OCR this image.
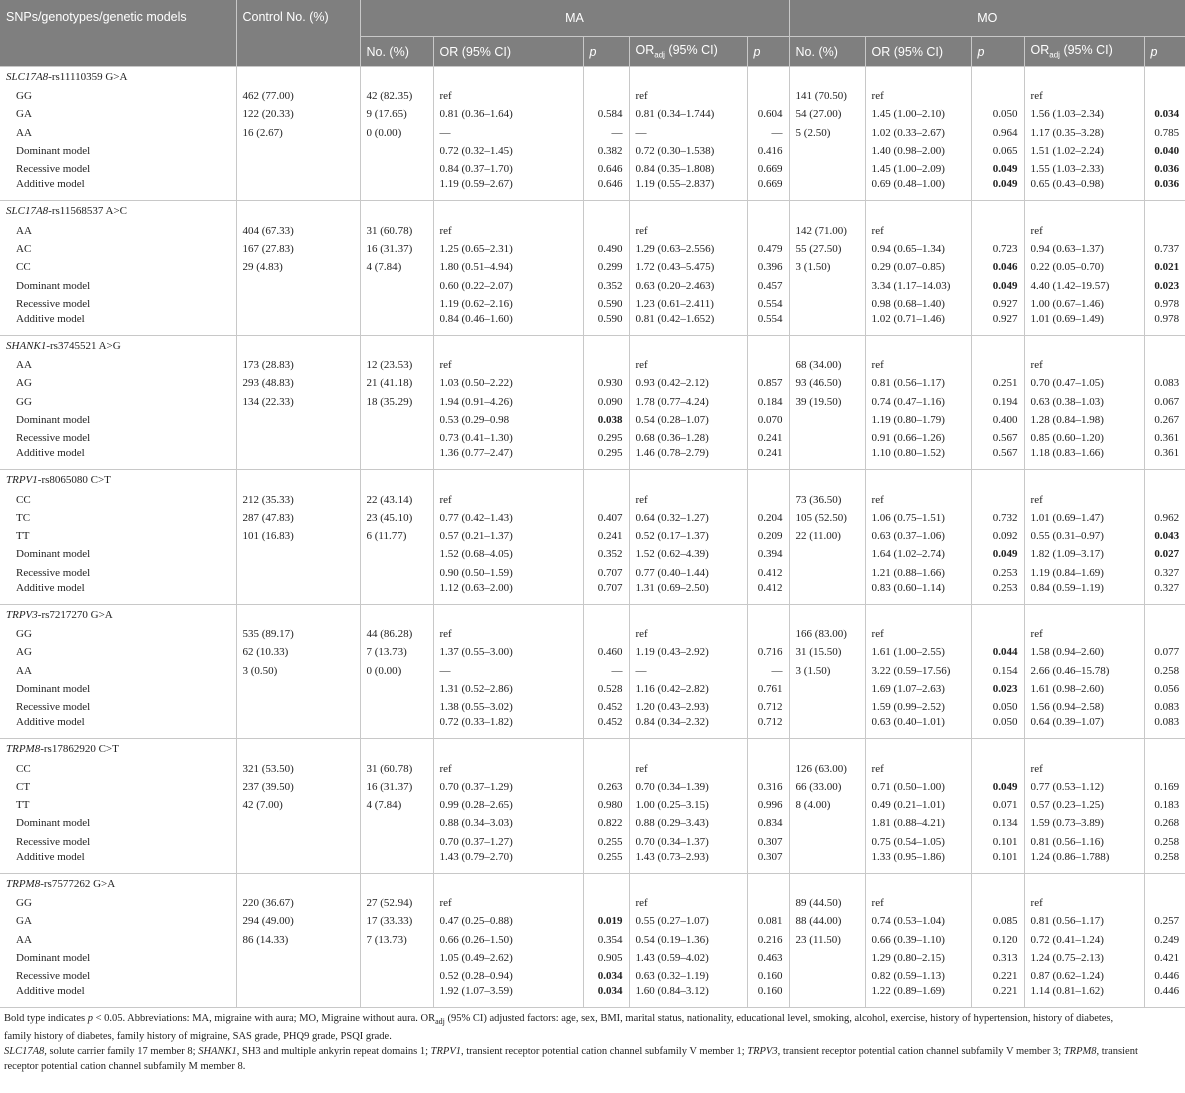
SNPs/genotypes/genetic models	Control No. (%)	MA					MO				
		No. (%)	OR (95% CI)	p	$OR_{adj}$ (95% CI)	p	No. (%)	OR (95% CI)	p	$OR_{adj}$ (95% CI)	p
SLC17A8-rs11110359 G>A											
GG	462 (77.00)	42 (82.35)	ref		ref		141 (70.50)	ref		ref	
GA	122 (20.33)	9 (17.65)	0.81 (0.36–1.64)	0.584	0.81 (0.34–1.744)	0.604	54 (27.00)	1.45 (1.00–2.10)	0.050	1.56 (1.03–2.34)	0.034
AA	16 (2.67)	0 (0.00)	—	—	—	—	5 (2.50)	1.02 (0.33–2.67)	0.964	1.17 (0.35–3.28)	0.785
Dominant model			0.72 (0.32–1.45)	0.382	0.72 (0.30–1.538)	0.416		1.40 (0.98–2.00)	0.065	1.51 (1.02–2.24)	0.040
Recessive model			0.84 (0.37–1.70)	0.646	0.84 (0.35–1.808)	0.669		1.45 (1.00–2.09)	0.049	1.55 (1.03–2.33)	0.036
Additive model			1.19 (0.59–2.67)	0.646	1.19 (0.55–2.837)	0.669		0.69 (0.48–1.00)	0.049	0.65 (0.43–0.98)	0.036
SLC17A8-rs11568537 A>C											
AA	404 (67.33)	31 (60.78)	ref		ref		142 (71.00)	ref		ref	
AC	167 (27.83)	16 (31.37)	1.25 (0.65–2.31)	0.490	1.29 (0.63–2.556)	0.479	55 (27.50)	0.94 (0.65–1.34)	0.723	0.94 (0.63–1.37)	0.737
CC	29 (4.83)	4 (7.84)	1.80 (0.51–4.94)	0.299	1.72 (0.43–5.475)	0.396	3 (1.50)	0.29 (0.07–0.85)	0.046	0.22 (0.05–0.70)	0.021
Dominant model			0.60 (0.22–2.07)	0.352	0.63 (0.20–2.463)	0.457		3.34 (1.17–14.03)	0.049	4.40 (1.42–19.57)	0.023
Recessive model			1.19 (0.62–2.16)	0.590	1.23 (0.61–2.411)	0.554		0.98 (0.68–1.40)	0.927	1.00 (0.67–1.46)	0.978
Additive model			0.84 (0.46–1.60)	0.590	0.81 (0.42–1.652)	0.554		1.02 (0.71–1.46)	0.927	1.01 (0.69–1.49)	0.978
SHANK1-rs3745521 A>G											
AA	173 (28.83)	12 (23.53)	ref		ref		68 (34.00)	ref		ref	
AG	293 (48.83)	21 (41.18)	1.03 (0.50–2.22)	0.930	0.93 (0.42–2.12)	0.857	93 (46.50)	0.81 (0.56–1.17)	0.251	0.70 (0.47–1.05)	0.083
GG	134 (22.33)	18 (35.29)	1.94 (0.91–4.26)	0.090	1.78 (0.77–4.24)	0.184	39 (19.50)	0.74 (0.47–1.16)	0.194	0.63 (0.38–1.03)	0.067
Dominant model			0.53 (0.29–0.98	0.038	0.54 (0.28–1.07)	0.070		1.19 (0.80–1.79)	0.400	1.28 (0.84–1.98)	0.267
Recessive model			0.73 (0.41–1.30)	0.295	0.68 (0.36–1.28)	0.241		0.91 (0.66–1.26)	0.567	0.85 (0.60–1.20)	0.361
Additive model			1.36 (0.77–2.47)	0.295	1.46 (0.78–2.79)	0.241		1.10 (0.80–1.52)	0.567	1.18 (0.83–1.66)	0.361
TRPV1-rs8065080 C>T											
CC	212 (35.33)	22 (43.14)	ref		ref		73 (36.50)	ref		ref	
TC	287 (47.83)	23 (45.10)	0.77 (0.42–1.43)	0.407	0.64 (0.32–1.27)	0.204	105 (52.50)	1.06 (0.75–1.51)	0.732	1.01 (0.69–1.47)	0.962
TT	101 (16.83)	6 (11.77)	0.57 (0.21–1.37)	0.241	0.52 (0.17–1.37)	0.209	22 (11.00)	0.63 (0.37–1.06)	0.092	0.55 (0.31–0.97)	0.043
Dominant model			1.52 (0.68–4.05)	0.352	1.52 (0.62–4.39)	0.394		1.64 (1.02–2.74)	0.049	1.82 (1.09–3.17)	0.027
Recessive model			0.90 (0.50–1.59)	0.707	0.77 (0.40–1.44)	0.412		1.21 (0.88–1.66)	0.253	1.19 (0.84–1.69)	0.327
Additive model			1.12 (0.63–2.00)	0.707	1.31 (0.69–2.50)	0.412		0.83 (0.60–1.14)	0.253	0.84 (0.59–1.19)	0.327
TRPV3-rs7217270 G>A											
GG	535 (89.17)	44 (86.28)	ref		ref		166 (83.00)	ref		ref	
AG	62 (10.33)	7 (13.73)	1.37 (0.55–3.00)	0.460	1.19 (0.43–2.92)	0.716	31 (15.50)	1.61 (1.00–2.55)	0.044	1.58 (0.94–2.60)	0.077
AA	3 (0.50)	0 (0.00)	—	—	—	—	3 (1.50)	3.22 (0.59–17.56)	0.154	2.66 (0.46–15.78)	0.258
Dominant model			1.31 (0.52–2.86)	0.528	1.16 (0.42–2.82)	0.761		1.69 (1.07–2.63)	0.023	1.61 (0.98–2.60)	0.056
Recessive model			1.38 (0.55–3.02)	0.452	1.20 (0.43–2.93)	0.712		1.59 (0.99–2.52)	0.050	1.56 (0.94–2.58)	0.083
Additive model			0.72 (0.33–1.82)	0.452	0.84 (0.34–2.32)	0.712		0.63 (0.40–1.01)	0.050	0.64 (0.39–1.07)	0.083
TRPM8-rs17862920 C>T											
CC	321 (53.50)	31 (60.78)	ref		ref		126 (63.00)	ref		ref	
CT	237 (39.50)	16 (31.37)	0.70 (0.37–1.29)	0.263	0.70 (0.34–1.39)	0.316	66 (33.00)	0.71 (0.50–1.00)	0.049	0.77 (0.53–1.12)	0.169
TT	42 (7.00)	4 (7.84)	0.99 (0.28–2.65)	0.980	1.00 (0.25–3.15)	0.996	8 (4.00)	0.49 (0.21–1.01)	0.071	0.57 (0.23–1.25)	0.183
Dominant model			0.88 (0.34–3.03)	0.822	0.88 (0.29–3.43)	0.834		1.81 (0.88–4.21)	0.134	1.59 (0.73–3.89)	0.268
Recessive model			0.70 (0.37–1.27)	0.255	0.70 (0.34–1.37)	0.307		0.75 (0.54–1.05)	0.101	0.81 (0.56–1.16)	0.258
Additive model			1.43 (0.79–2.70)	0.255	1.43 (0.73–2.93)	0.307		1.33 (0.95–1.86)	0.101	1.24 (0.86–1.788)	0.258
TRPM8-rs7577262 G>A											
GG	220 (36.67)	27 (52.94)	ref		ref		89 (44.50)	ref		ref	
GA	294 (49.00)	17 (33.33)	0.47 (0.25–0.88)	0.019	0.55 (0.27–1.07)	0.081	88 (44.00)	0.74 (0.53–1.04)	0.085	0.81 (0.56–1.17)	0.257
AA	86 (14.33)	7 (13.73)	0.66 (0.26–1.50)	0.354	0.54 (0.19–1.36)	0.216	23 (11.50)	0.66 (0.39–1.10)	0.120	0.72 (0.41–1.24)	0.249
Dominant model			1.05 (0.49–2.62)	0.905	1.43 (0.59–4.02)	0.463		1.29 (0.80–2.15)	0.313	1.24 (0.75–2.13)	0.421
Recessive model			0.52 (0.28–0.94)	0.034	0.63 (0.32–1.19)	0.160		0.82 (0.59–1.13)	0.221	0.87 (0.62–1.24)	0.446
Additive model			1.92 (1.07–3.59)	0.034	1.60 (0.84–3.12)	0.160		1.22 (0.89–1.69)	0.221	1.14 (0.81–1.62)	0.446

Bold type indicates p < 0.05. Abbreviations: MA, migraine with aura; MO, Migraine without aura. $OR_{adj}$ (95% CI) adjusted factors: age, sex, BMI, marital status, nationality, educational level, smoking, alcohol, exercise, history of hypertension, history of diabetes, family history of diabetes, family history of migraine, SAS grade, PHQ9 grade, PSQI grade.

SLC17A8, solute carrier family 17 member 8; SHANK1, SH3 and multiple ankyrin repeat domains 1; TRPV1, transient receptor potential cation channel subfamily V member 1; TRPV3, transient receptor potential cation channel subfamily V member 3; TRPM8, transient receptor potential cation channel subfamily M member 8.
